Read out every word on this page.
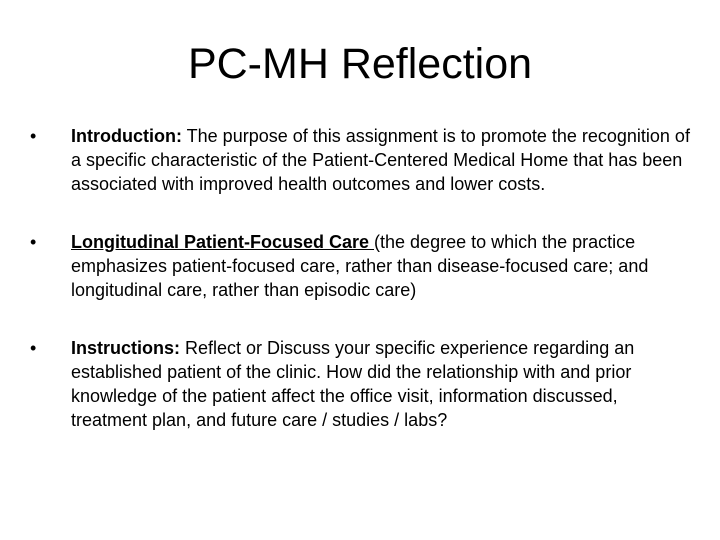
PC-MH Reflection
•	Introduction: The purpose of this assignment is to promote the recognition of a specific characteristic of the Patient-Centered Medical Home that has been associated with improved health outcomes and lower costs.
•	Longitudinal Patient-Focused Care (the degree to which the practice emphasizes patient-focused care, rather than disease-focused care; and longitudinal care, rather than episodic care)
•	Instructions: Reflect or Discuss your specific experience regarding an established patient of the clinic. How did the relationship with and prior knowledge of the patient affect the office visit, information discussed, treatment plan, and future care / studies / labs?
